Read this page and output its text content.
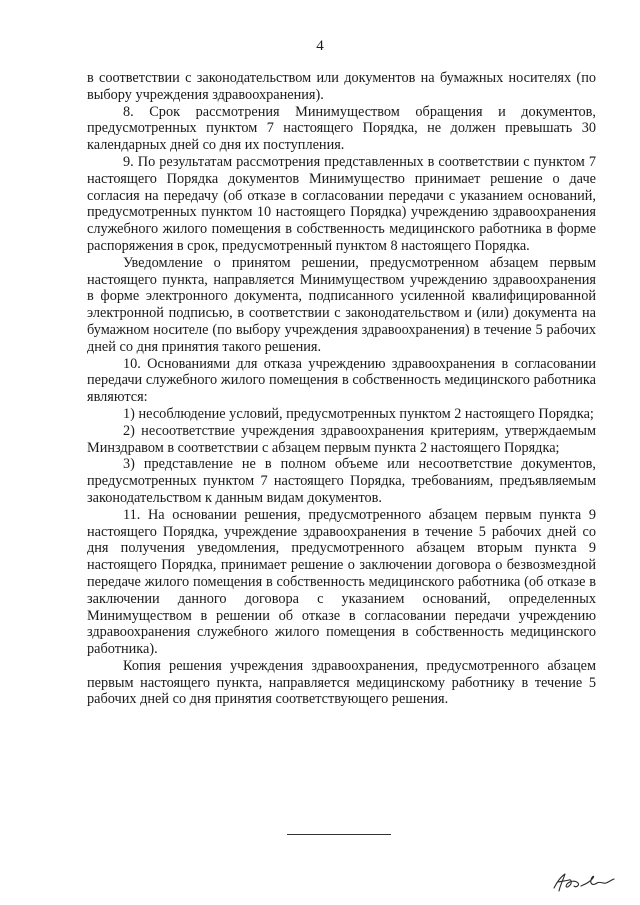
4

в соответствии с законодательством или документов на бумажных носителях (по выбору учреждения здравоохранения).

8. Срок рассмотрения Минимуществом обращения и документов, предусмотренных пунктом 7 настоящего Порядка, не должен превышать 30 календарных дней со дня их поступления.

9. По результатам рассмотрения представленных в соответствии с пунктом 7 настоящего Порядка документов Минимущество принимает решение о даче согласия на передачу (об отказе в согласовании передачи с указанием оснований, предусмотренных пунктом 10 настоящего Порядка) учреждению здравоохранения служебного жилого помещения в собственность медицинского работника в форме распоряжения в срок, предусмотренный пунктом 8 настоящего Порядка.

Уведомление о принятом решении, предусмотренном абзацем первым настоящего пункта, направляется Минимуществом учреждению здравоохранения в форме электронного документа, подписанного усиленной квалифицированной электронной подписью, в соответствии с законодательством и (или) документа на бумажном носителе (по выбору учреждения здравоохранения) в течение 5 рабочих дней со дня принятия такого решения.

10. Основаниями для отказа учреждению здравоохранения в согласовании передачи служебного жилого помещения в собственность медицинского работника являются:

1) несоблюдение условий, предусмотренных пунктом 2 настоящего Порядка;

2) несоответствие учреждения здравоохранения критериям, утверждаемым Минздравом в соответствии с абзацем первым пункта 2 настоящего Порядка;

3) представление не в полном объеме или несоответствие документов, предусмотренных пунктом 7 настоящего Порядка, требованиям, предъявляемым законодательством к данным видам документов.

11. На основании решения, предусмотренного абзацем первым пункта 9 настоящего Порядка, учреждение здравоохранения в течение 5 рабочих дней со дня получения уведомления, предусмотренного абзацем вторым пункта 9 настоящего Порядка, принимает решение о заключении договора о безвозмездной передаче жилого помещения в собственность медицинского работника (об отказе в заключении данного договора с указанием оснований, определенных Минимуществом в решении об отказе в согласовании передачи учреждению здравоохранения служебного жилого помещения в собственность медицинского работника).

Копия решения учреждения здравоохранения, предусмотренного абзацем первым настоящего пункта, направляется медицинскому работнику в течение 5 рабочих дней со дня принятия соответствующего решения.
